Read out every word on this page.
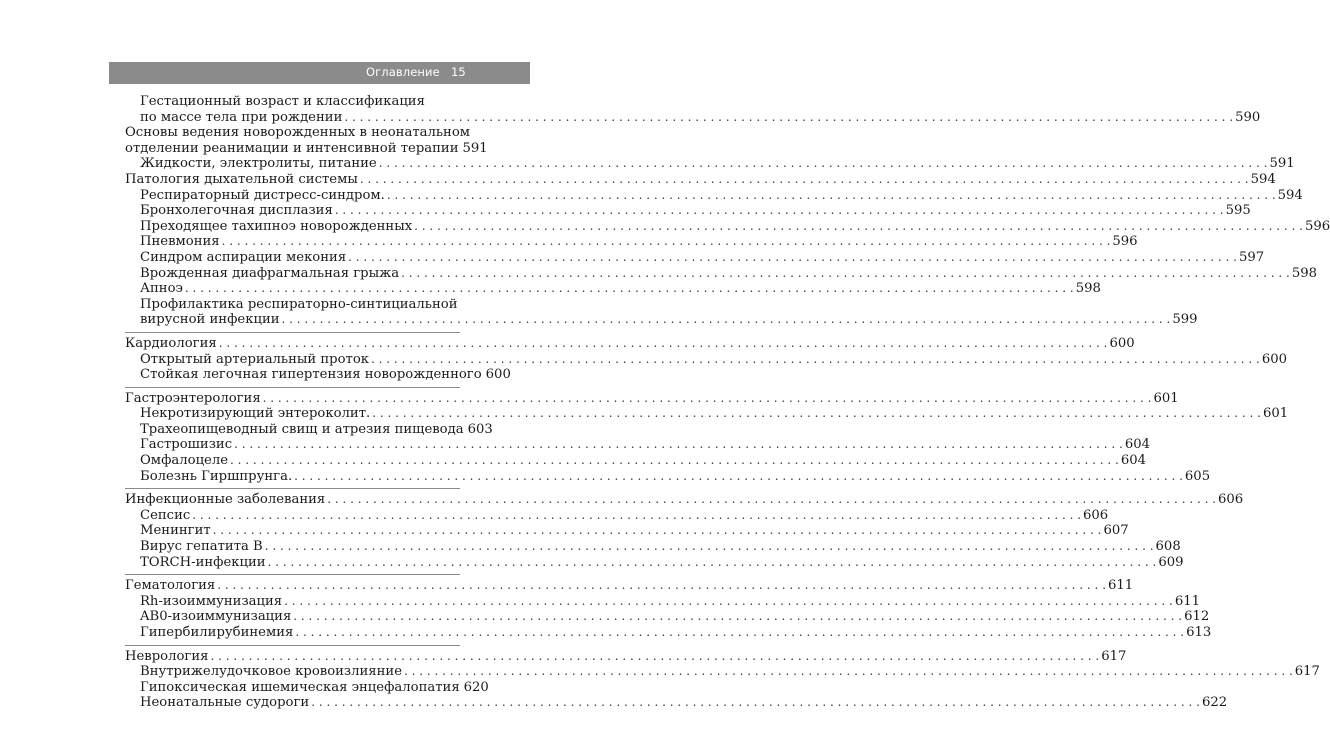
Оглавление 15
Гестационный возраст и классификация
по массе тела при рождении . . .	590
Основы ведения новорожденных в неонатальном
отделении реанимации и интенсивной терапии 591
Жидкости, электролиты, питание . . .	591
Патология дыхательной системы . . .	594
Респираторный дистресс-синдром. . . .	594
Бронхолегочная дисплазия . . .	595
Преходящее тахипноэ новорожденных . . .	596
Пневмония . . .	596
Синдром аспирации мекония . . .	597
Врожденная диафрагмальная грыжа . . .	598
Апноэ . . .	598
Профилактика респираторно-синтициальной
вирусной инфекции . . .	599
Кардиология . . .	600
Открытый артериальный проток . . .	600
Стойкая легочная гипертензия новорожденного 600
Гастроэнтерология . . .	601
Некротизирующий энтероколит. . . .	601
Трахеопищеводный свищ и атрезия пищевода 603
Гастрошизис . . .	604
Омфалоцеле . . .	604
Болезнь Гиршпрунга. . . .	605
Инфекционные заболевания . . .	606
Сепсис . . .	606
Менингит . . .	607
Вирус гепатита B . . .	608
TORCH-инфекции . . .	609
Гематология . . .	611
Rh-изоиммунизация . . .	611
AB0-изоиммунизация . . .	612
Гипербилирубинемия . . .	613
Неврология . . .	617
Внутрижелудочковое кровоизлияние . . .	617
Гипоксическая ишемическая энцефалопатия 620
Неонатальные судороги . . .	622
